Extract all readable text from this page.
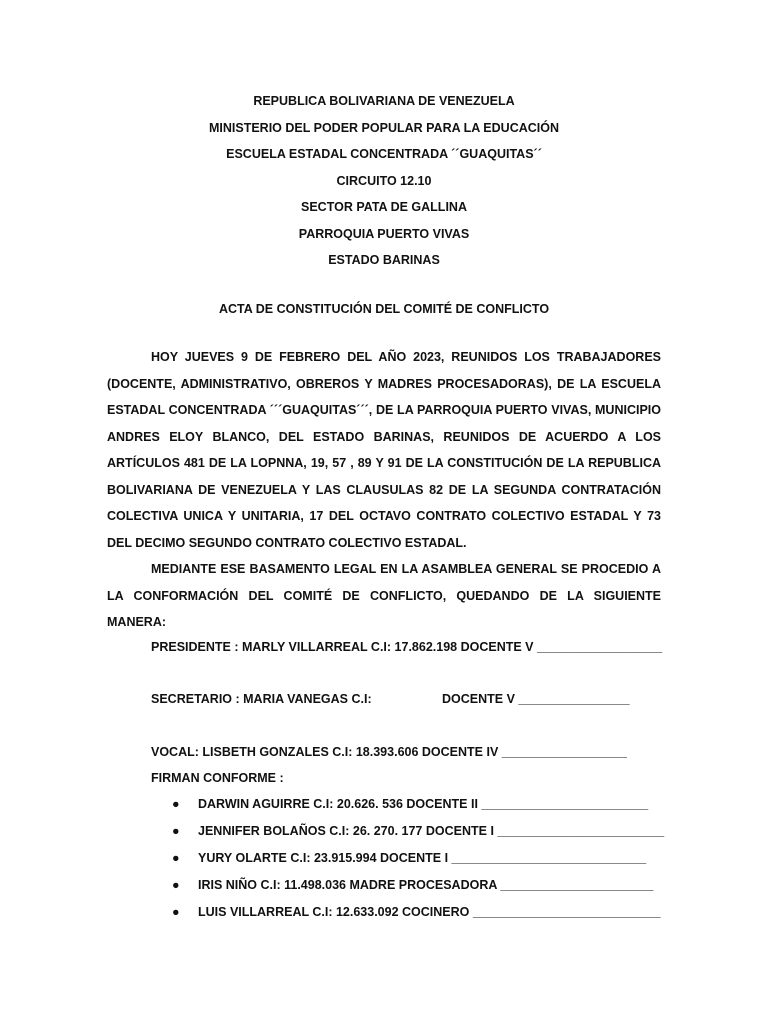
REPUBLICA BOLIVARIANA DE VENEZUELA
MINISTERIO DEL PODER POPULAR PARA LA EDUCACIÓN
ESCUELA ESTADAL CONCENTRADA ´´GUAQUITAS´´
CIRCUITO 12.10
SECTOR PATA DE GALLINA
PARROQUIA PUERTO VIVAS
ESTADO BARINAS
ACTA DE CONSTITUCIÓN DEL COMITÉ DE CONFLICTO

HOY JUEVES 9 DE FEBRERO DEL AÑO 2023, REUNIDOS LOS TRABAJADORES (DOCENTE, ADMINISTRATIVO, OBREROS Y MADRES PROCESADORAS), DE LA ESCUELA ESTADAL CONCENTRADA ´´´GUAQUITAS´´´, DE LA PARROQUIA PUERTO VIVAS, MUNICIPIO ANDRES ELOY BLANCO, DEL ESTADO BARINAS, REUNIDOS DE ACUERDO A LOS ARTÍCULOS 481 DE LA LOPNNA, 19, 57 , 89 Y 91 DE LA CONSTITUCIÓN DE LA REPUBLICA BOLIVARIANA DE VENEZUELA Y LAS CLAUSULAS 82 DE LA SEGUNDA CONTRATACIÓN COLECTIVA UNICA Y UNITARIA, 17 DEL OCTAVO CONTRATO COLECTIVO ESTADAL Y 73 DEL DECIMO SEGUNDO CONTRATO COLECTIVO ESTADAL.

MEDIANTE ESE BASAMENTO LEGAL EN LA ASAMBLEA GENERAL SE PROCEDIO A LA CONFORMACIÓN DEL COMITÉ DE CONFLICTO, QUEDANDO DE LA SIGUIENTE MANERA:

PRESIDENTE : MARLY VILLARREAL C.I: 17.862.198 DOCENTE V __________________
SECRETARIO : MARIA VANEGAS C.I:	DOCENTE V ________________
VOCAL: LISBETH GONZALES C.I: 18.393.606 DOCENTE IV __________________
FIRMAN CONFORME :
● DARWIN AGUIRRE C.I: 20.626. 536 DOCENTE II ________________________
● JENNIFER BOLAÑOS C.I: 26. 270. 177 DOCENTE I ________________________
● YURY OLARTE C.I: 23.915.994 DOCENTE I ____________________________
● IRIS NIÑO C.I: 11.498.036 MADRE PROCESADORA ______________________
● LUIS VILLARREAL C.I: 12.633.092 COCINERO ___________________________
